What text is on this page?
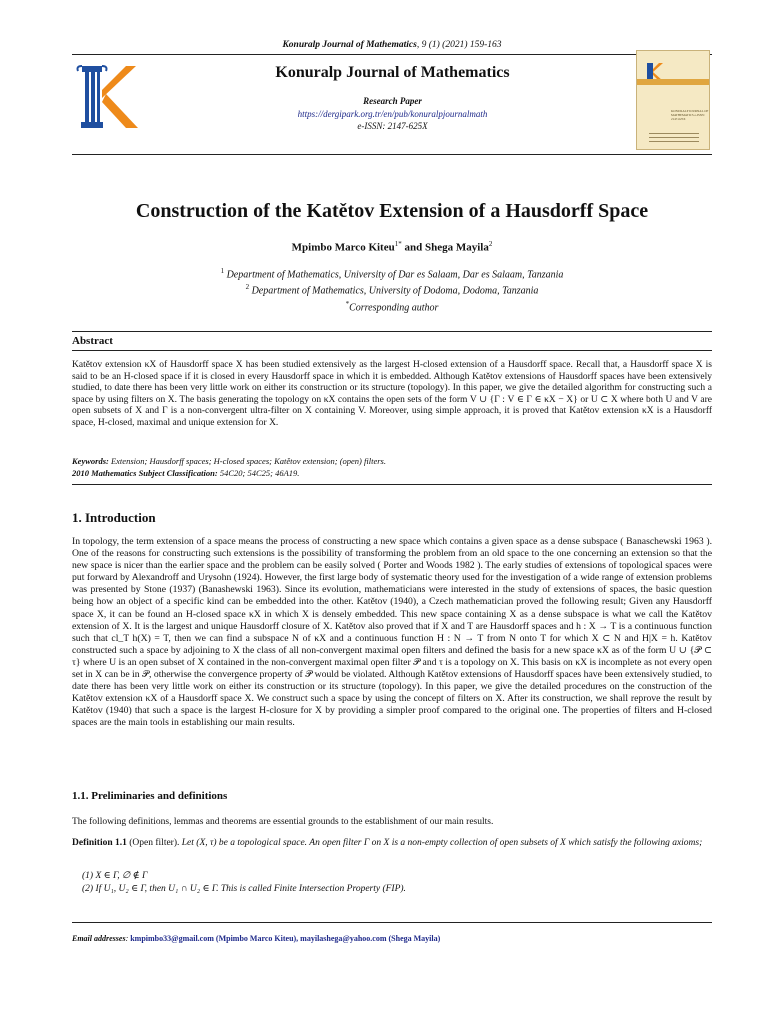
Konuralp Journal of Mathematics, 9 (1) (2021) 159-163
Konuralp Journal of Mathematics
Research Paper
https://dergipark.org.tr/en/pub/konuralpjournalmath
e-ISSN: 2147-625X
KONURALP JOURNAL OF MATHEMATICS e-ISSN: 2147-625X
Construction of the Katětov Extension of a Hausdorff Space
Mpimbo Marco Kiteu$^{1*}$ and Shega Mayila$^2$
$^1$ Department of Mathematics, University of Dar es Salaam, Dar es Salaam, Tanzania
$^2$ Department of Mathematics, University of Dodoma, Dodoma, Tanzania
*Corresponding author
Abstract
Katětov extension κX of Hausdorff space X has been studied extensively as the largest H-closed extension of a Hausdorff space. Recall that, a Hausdorff space X is said to be an H-closed space if it is closed in every Hausdorff space in which it is embedded. Although Katětov extensions of Hausdorff spaces have been extensively studied, to date there has been very little work on either its construction or its structure (topology). In this paper, we give the detailed algorithm for constructing such a space by using filters on X. The basis generating the topology on κX contains the open sets of the form V ∪ {Γ : V ∈ Γ ∈ κX − X} or U ⊂ X where both U and V are open subsets of X and Γ is a non-convergent ultra-filter on X containing V. Moreover, using simple approach, it is proved that Katětov extension κX is a Hausdorff space, H-closed, maximal and unique extension for X.
Keywords: Extension; Hausdorff spaces; H-closed spaces; Katětov extension; (open) filters.
2010 Mathematics Subject Classification: 54C20; 54C25; 46A19.
1. Introduction
In topology, the term extension of a space means the process of constructing a new space which contains a given space as a dense subspace ( Banaschewski 1963 ). One of the reasons for constructing such extensions is the possibility of transforming the problem from an old space to the one concerning an extension so that the new space is nicer than the earlier space and the problem can be easily solved ( Porter and Woods 1982 ). The early studies of extensions of topological spaces were put forward by Alexandroff and Urysohn (1924). However, the first large body of systematic theory used for the investigation of a wide range of extension problems was presented by Stone (1937) (Banashewski 1963). Since its evolution, mathematicians were interested in the study of extensions of spaces, the basic question being how an object of a specific kind can be embedded into the other. Katětov (1940), a Czech mathematician proved the following result; Given any Hausdorff space X, it can be found an H-closed space κX in which X is densely embedded. This new space containing X as a dense subspace is what we call the Katětov extension of X. It is the largest and unique Hausdorff closure of X. Katětov also proved that if X and T are Hausdorff spaces and h : X → T is a continuous function such that cl_T h(X) = T, then we can find a subspace N of κX and a continuous function H : N → T from N onto T for which X ⊂ N and H|X = h. Katětov constructed such a space by adjoining to X the class of all non-convergent maximal open filters and defined the basis for a new space κX as of the form U ∪ {𝒫 ⊂ τ} where U is an open subset of X contained in the non-convergent maximal open filter 𝒫 and τ is a topology on X. This basis on κX is incomplete as not every open set in X can be in 𝒫, otherwise the convergence property of 𝒫 would be violated. Although Katětov extensions of Hausdorff spaces have been extensively studied, to date there has been very little work on either its construction or its structure (topology). In this paper, we give the detailed procedures on the construction of the Katětov extension κX of a Hausdorff space X. We construct such a space by using the concept of filters on X. After its construction, we shall reprove the result by Katětov (1940) that such a space is the largest H-closure for X by providing a simpler proof compared to the original one. The properties of filters and H-closed spaces are the main tools in establishing our main results.
1.1. Preliminaries and definitions
The following definitions, lemmas and theorems are essential grounds to the establishment of our main results.
Definition 1.1 (Open filter). Let (X, τ) be a topological space. An open filter Γ on X is a non-empty collection of open subsets of X which satisfy the following axioms;
(1) X ∈ Γ, ∅ ∉ Γ
(2) If U₁, U₂ ∈ Γ, then U₁ ∩ U₂ ∈ Γ. This is called Finite Intersection Property (FIP).
Email addresses: kmpimbo33@gmail.com (Mpimbo Marco Kiteu), mayilashega@yahoo.com (Shega Mayila)
